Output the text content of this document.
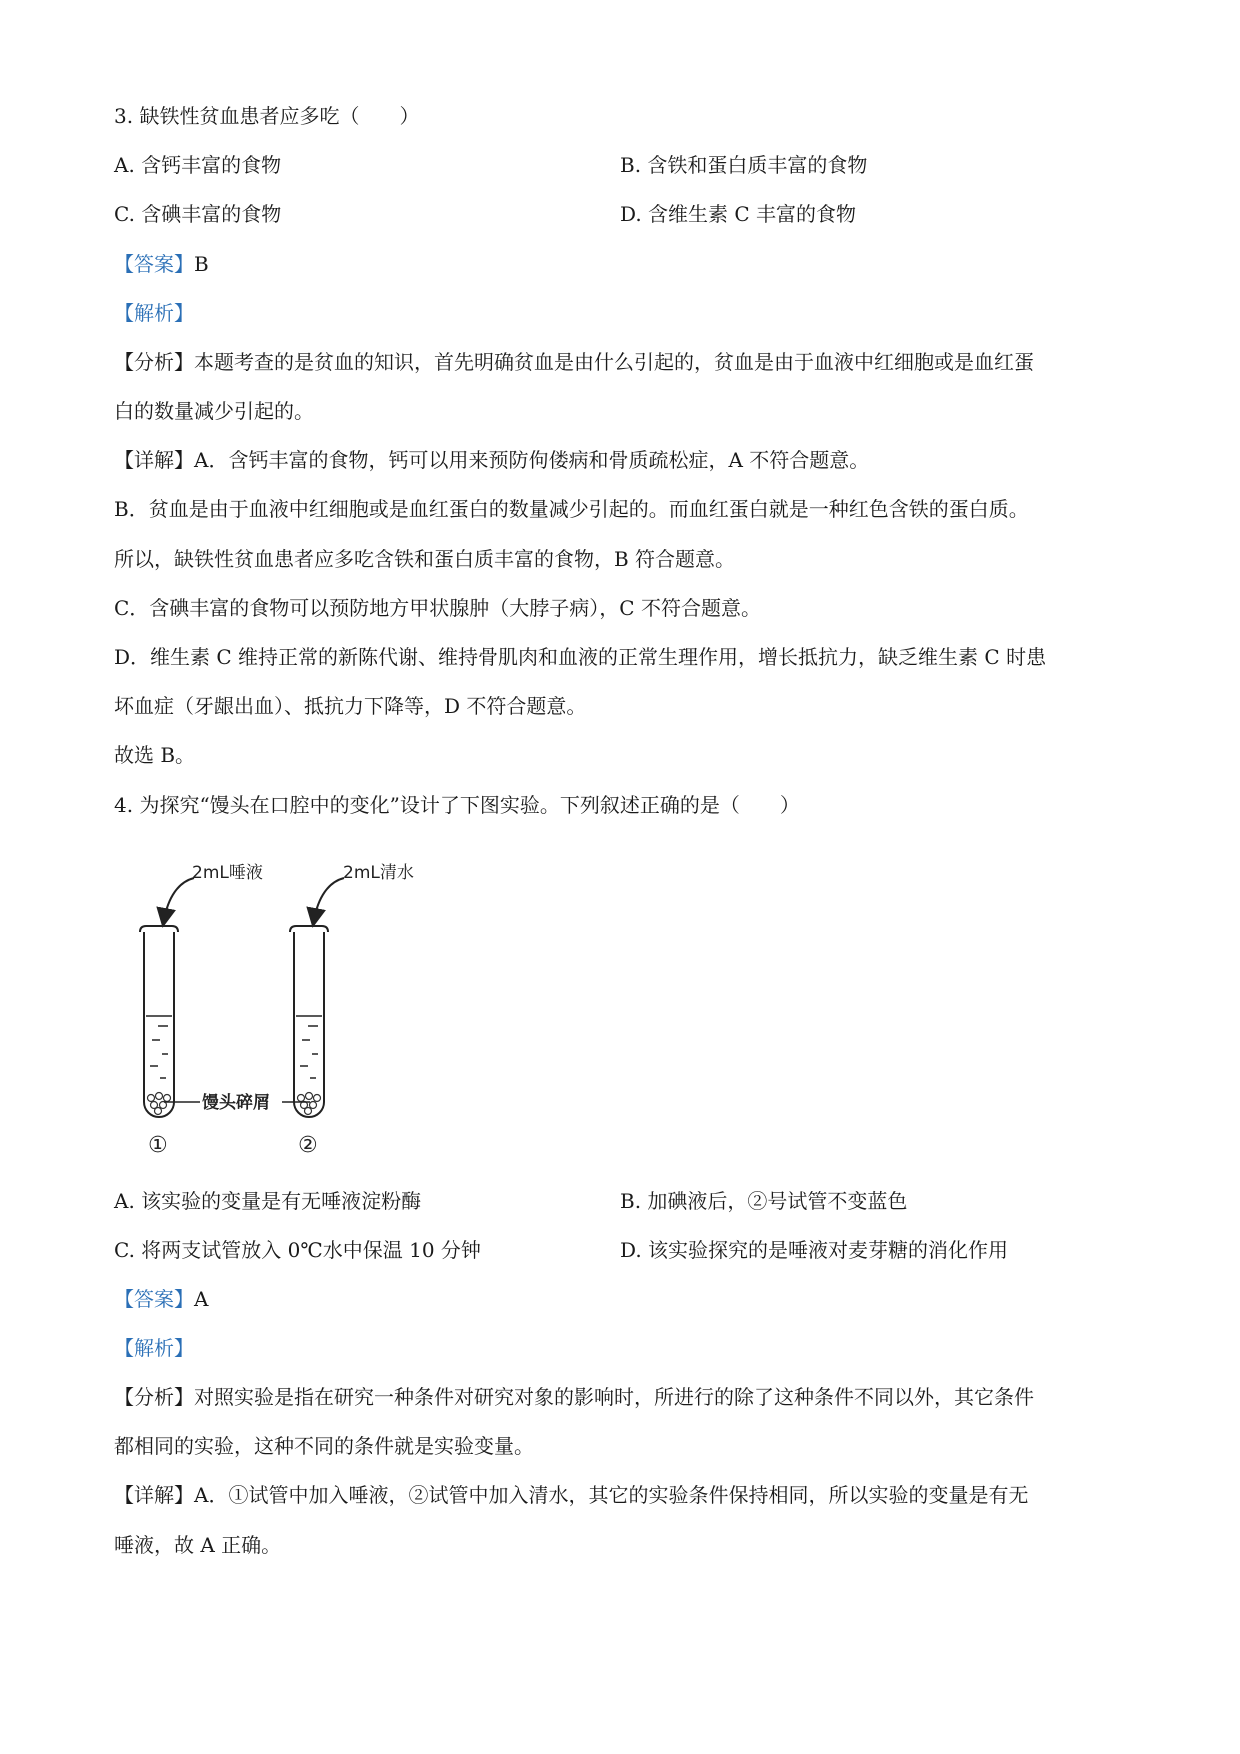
3. 缺铁性贫血患者应多吃（　　）
A. 含钙丰富的食物	B. 含铁和蛋白质丰富的食物
C. 含碘丰富的食物	D. 含维生素 C 丰富的食物
【答案】B
【解析】
【分析】本题考查的是贫血的知识，首先明确贫血是由什么引起的，贫血是由于血液中红细胞或是血红蛋
白的数量减少引起的。
【详解】A．含钙丰富的食物，钙可以用来预防佝偻病和骨质疏松症，A 不符合题意。
B．贫血是由于血液中红细胞或是血红蛋白的数量减少引起的。而血红蛋白就是一种红色含铁的蛋白质。
所以，缺铁性贫血患者应多吃含铁和蛋白质丰富的食物，B 符合题意。
C．含碘丰富的食物可以预防地方甲状腺肿（大脖子病），C 不符合题意。
D．维生素 C 维持正常的新陈代谢、维持骨肌肉和血液的正常生理作用，增长抵抗力，缺乏维生素 C 时患
坏血症（牙龈出血）、抵抗力下降等，D 不符合题意。
故选 B。
4. 为探究“馒头在口腔中的变化”设计了下图实验。下列叙述正确的是（　　）
2mL唾液	2mL清水
馒头碎屑
①	②
A. 该实验的变量是有无唾液淀粉酶	B. 加碘液后，②号试管不变蓝色
C. 将两支试管放入 0℃水中保温 10 分钟	D. 该实验探究的是唾液对麦芽糖的消化作用
【答案】A
【解析】
【分析】对照实验是指在研究一种条件对研究对象的影响时，所进行的除了这种条件不同以外，其它条件
都相同的实验，这种不同的条件就是实验变量。
【详解】A．①试管中加入唾液，②试管中加入清水，其它的实验条件保持相同，所以实验的变量是有无
唾液，故 A 正确。
